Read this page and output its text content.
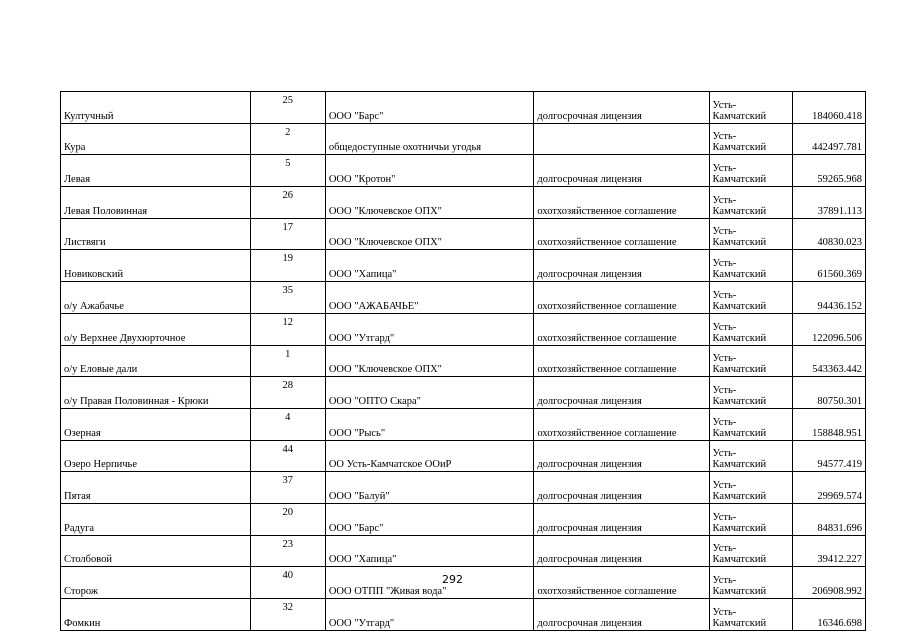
Култучный	25	ООО "Барс"	долгосрочная лицензия	Усть-
Камчатский	184060.418
Кура	2	общедоступные охотничьи угодья		Усть-
Камчатский	442497.781
Левая	5	ООО "Кротон"	долгосрочная лицензия	Усть-
Камчатский	59265.968
Левая Половинная	26	ООО "Ключевское ОПХ"	охотхозяйственное соглашение	Усть-
Камчатский	37891.113
Листвяги	17	ООО "Ключевское ОПХ"	охотхозяйственное соглашение	Усть-
Камчатский	40830.023
Новиковский	19	ООО "Хапица"	долгосрочная лицензия	Усть-
Камчатский	61560.369
о/у Ажабачье	35	ООО "АЖАБАЧЬЕ"	охотхозяйственное соглашение	Усть-
Камчатский	94436.152
о/у Верхнее Двухюрточное	12	ООО "Утгард"	охотхозяйственное соглашение	Усть-
Камчатский	122096.506
о/у Еловые дали	1	ООО "Ключевское ОПХ"	охотхозяйственное соглашение	Усть-
Камчатский	543363.442
о/у Правая Половинная - Крюки	28	ООО "ОПТО Скара"	долгосрочная лицензия	Усть-
Камчатский	80750.301
Озерная	4	ООО "Рысь"	охотхозяйственное соглашение	Усть-
Камчатский	158848.951
Озеро Нерпичье	44	ОО Усть-Камчатское ООиР	долгосрочная лицензия	Усть-
Камчатский	94577.419
Пятая	37	ООО "Балуй"	долгосрочная лицензия	Усть-
Камчатский	29969.574
Радуга	20	ООО "Барс"	долгосрочная лицензия	Усть-
Камчатский	84831.696
Столбовой	23	ООО "Хапица"	долгосрочная лицензия	Усть-
Камчатский	39412.227
Сторож	40	ООО ОТПП "Живая вода"	охотхозяйственное соглашение	Усть-
Камчатский	206908.992
Фомкин	32	ООО "Утгард"	долгосрочная лицензия	Усть-
Камчатский	16346.698
292
